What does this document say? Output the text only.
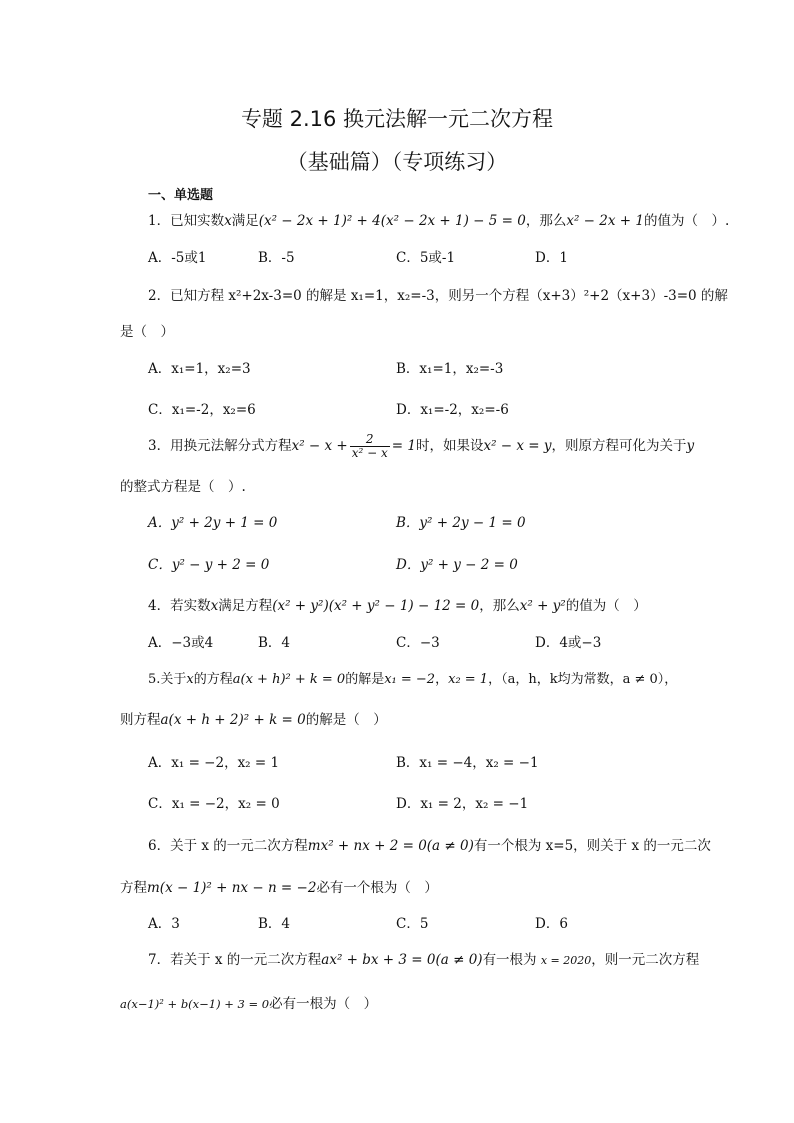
专题 2.16 换元法解一元二次方程
（基础篇）（专项练习）
一、单选题
1．已知实数x满足(x² − 2x + 1)² + 4(x² − 2x + 1) − 5 = 0，那么x² − 2x + 1的值为（　）.
A．-5或1	B．-5	C．5或-1	D．1
2．已知方程 x²+2x-3=0 的解是 x₁=1，x₂=-3，则另一个方程（x+3）²+2（x+3）-3=0 的解
是（　）
A．x₁=1，x₂=3	B．x₁=1，x₂=-3
C．x₁=-2，x₂=6	D．x₁=-2，x₂=-6
3．用换元法解分式方程$x^2 - x + \frac{2}{\text{x² − x}} = 1$时，如果设x² − x = y，则原方程可化为关于y
的整式方程是（　）.
A．y² + 2y + 1 = 0	B．y² + 2y − 1 = 0
C．y² − y + 2 = 0	D．y² + y − 2 = 0
4．若实数x满足方程(x² + y²)(x² + y² − 1) − 12 = 0，那么x² + y²的值为（　）
A．−3或4	B．4	C．−3	D．4或−3
5.关于x的方程a(x + h)² + k = 0的解是x₁ = −2，x₂ = 1，（a，h，k均为常数，a ≠ 0），
则方程a(x + h + 2)² + k = 0的解是（　）
A．x₁ = −2，x₂ = 1	B．x₁ = −4，x₂ = −1
C．x₁ = −2，x₂ = 0	D．x₁ = 2，x₂ = −1
6．关于 x 的一元二次方程mx² + nx + 2 = 0(a ≠ 0)有一个根为 x=5，则关于 x 的一元二次
方程m(x − 1)² + nx − n = −2必有一个根为（　）
A．3	B．4	C．5	D．6
7．若关于 x 的一元二次方程ax² + bx + 3 = 0(a ≠ 0)有一根为 x = 2020，则一元二次方程
a(x−1)² + b(x−1) + 3 = 0必有一根为（　）
